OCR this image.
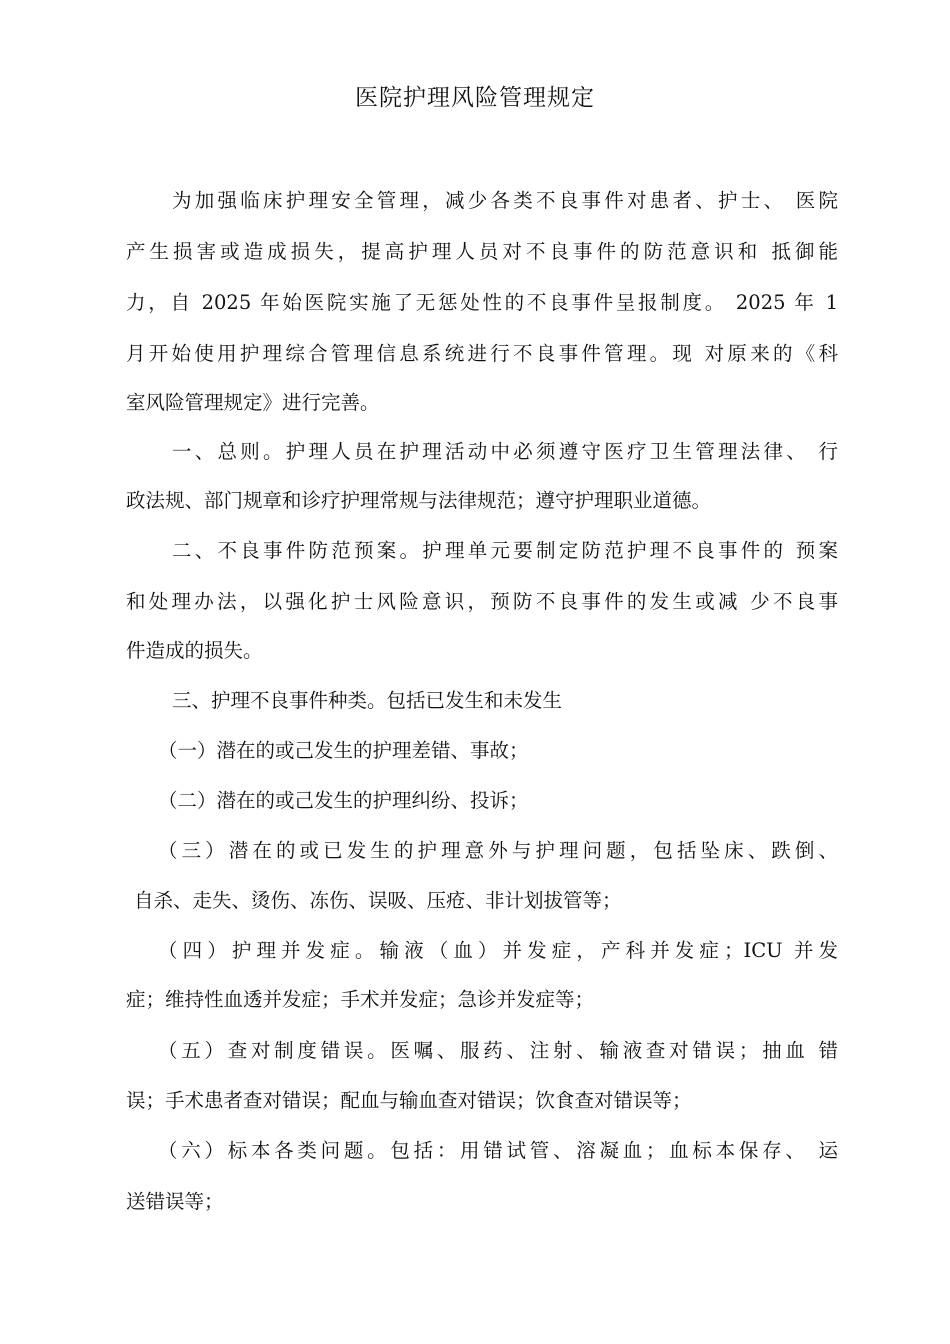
医院护理风险管理规定
为加强临床护理安全管理，减少各类不良事件对患者、护士、 医院
产生损害或造成损失，提高护理人员对不良事件的防范意识和 抵御能
力，自 2025 年始医院实施了无惩处性的不良事件呈报制度。 2025 年 1
月开始使用护理综合管理信息系统进行不良事件管理。现 对原来的《科
室风险管理规定》进行完善。
一、总则。护理人员在护理活动中必须遵守医疗卫生管理法律、 行
政法规、部门规章和诊疗护理常规与法律规范；遵守护理职业道德。
二、不良事件防范预案。护理单元要制定防范护理不良事件的 预案
和处理办法，以强化护士风险意识，预防不良事件的发生或减 少不良事
件造成的损失。
三、护理不良事件种类。包括已发生和未发生
（一）潜在的或己发生的护理差错、事故；
（二）潜在的或己发生的护理纠纷、投诉；
（三）潜在的或已发生的护理意外与护理问题，包括坠床、跌倒、
自杀、走失、烫伤、冻伤、误吸、压疮、非计划拔管等；
（四）护理并发症。输液（血）并发症，产科并发症；ICU 并发
症；维持性血透并发症；手术并发症；急诊并发症等；
（五）查对制度错误。医嘱、服药、注射、输液查对错误；抽血 错
误；手术患者查对错误；配血与输血查对错误；饮食查对错误等；
（六）标本各类问题。包括：用错试管、溶凝血；血标本保存、 运
送错误等；
